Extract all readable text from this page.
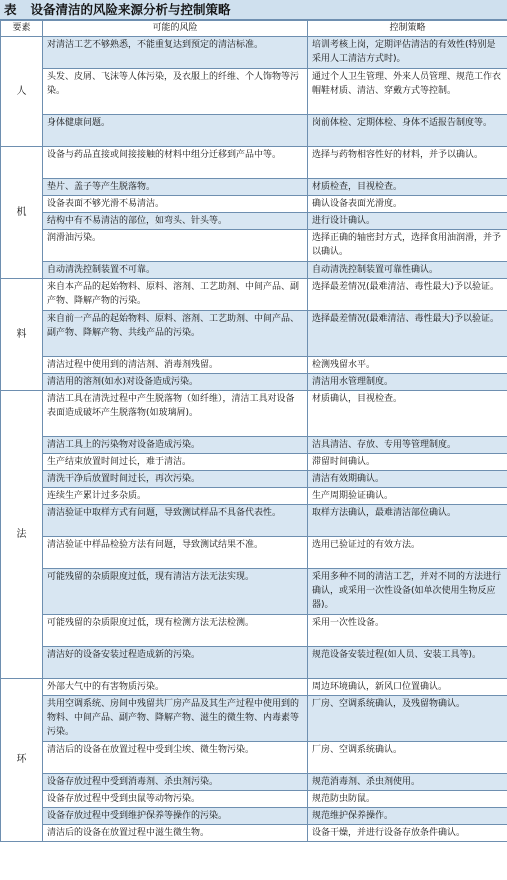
表 设备清洁的风险来源分析与控制策略
要素	可能的风险	控制策略
人	对清洁工艺不够熟悉，不能重复达到预定的清洁标准。	培训考核上岗，定期评估清洁的有效性(特别是采用人工清洁方式时)。
	头发、皮屑、飞沫等人体污染，及衣服上的纤维、个人饰物等污染。	通过个人卫生管理、外来人员管理、规范工作衣帽鞋材质、清洁、穿戴方式等控制。
	身体健康问题。	岗前体检、定期体检、身体不适报告制度等。
机	设备与药品直接或间接接触的材料中组分迁移到产品中等。	选择与药物相容性好的材料，并予以确认。
	垫片、盖子等产生脱落物。	材质检查，目视检查。
	设备表面不够光滑不易清洁。	确认设备表面光滑度。
	结构中有不易清洁的部位，如弯头、针头等。	进行设计确认。
	润滑油污染。	选择正确的轴密封方式，选择食用油润滑，并予以确认。
	自动清洗控制装置不可靠。	自动清洗控制装置可靠性确认。
料	来自本产品的起始物料、原料、溶剂、工艺助剂、中间产品、副产物、降解产物的污染。	选择最差情况(最难清洁、毒性最大)予以验证。
	来自前一产品的起始物料、原料、溶剂、工艺助剂、中间产品、副产物、降解产物、共线产品的污染。	选择最差情况(最难清洁、毒性最大)予以验证。
	清洁过程中使用到的清洁剂、消毒剂残留。	检测残留水平。
	清洁用的溶剂(如水)对设备造成污染。	清洁用水管理制度。
法	清洁工具在清洗过程中产生脱落物（如纤维），清洁工具对设备表面造成破坏产生脱落物(如玻璃屑)。	材质确认，目视检查。
	清洁工具上的污染物对设备造成污染。	洁具清洁、存放、专用等管理制度。
	生产结束放置时间过长，难于清洁。	滞留时间确认。
	清洗干净后放置时间过长，再次污染。	清洁有效期确认。
	连续生产累计过多杂质。	生产周期验证确认。
	清洁验证中取样方式有问题，导致测试样品不具备代表性。	取样方法确认，最难清洁部位确认。
	清洁验证中样品检验方法有问题，导致测试结果不准。	选用已验证过的有效方法。
	可能残留的杂质限度过低，现有清洁方法无法实现。	采用多种不同的清洁工艺，并对不同的方法进行确认，或采用一次性设备(如单次使用生物反应器)。
	可能残留的杂质限度过低，现有检测方法无法检测。	采用一次性设备。
	清洁好的设备安装过程造成新的污染。	规范设备安装过程(如人员、安装工具等)。
环	外部大气中的有害物质污染。	周边环境确认，新风口位置确认。
	共用空调系统、房间中残留共厂房产品及其生产过程中使用到的物料、中间产品、副产物、降解产物、滋生的微生物、内毒素等污染。	厂房、空调系统确认，及残留物确认。
	清洁后的设备在放置过程中受到尘埃、微生物污染。	厂房、空调系统确认。
	设备存放过程中受到消毒剂、杀虫剂污染。	规范消毒剂、杀虫剂使用。
	设备存放过程中受到虫鼠等动物污染。	规范防虫防鼠。
	设备存放过程中受到维护保养等操作的污染。	规范维护保养操作。
	清洁后的设备在放置过程中滋生微生物。	设备干燥，并进行设备存放条件确认。
